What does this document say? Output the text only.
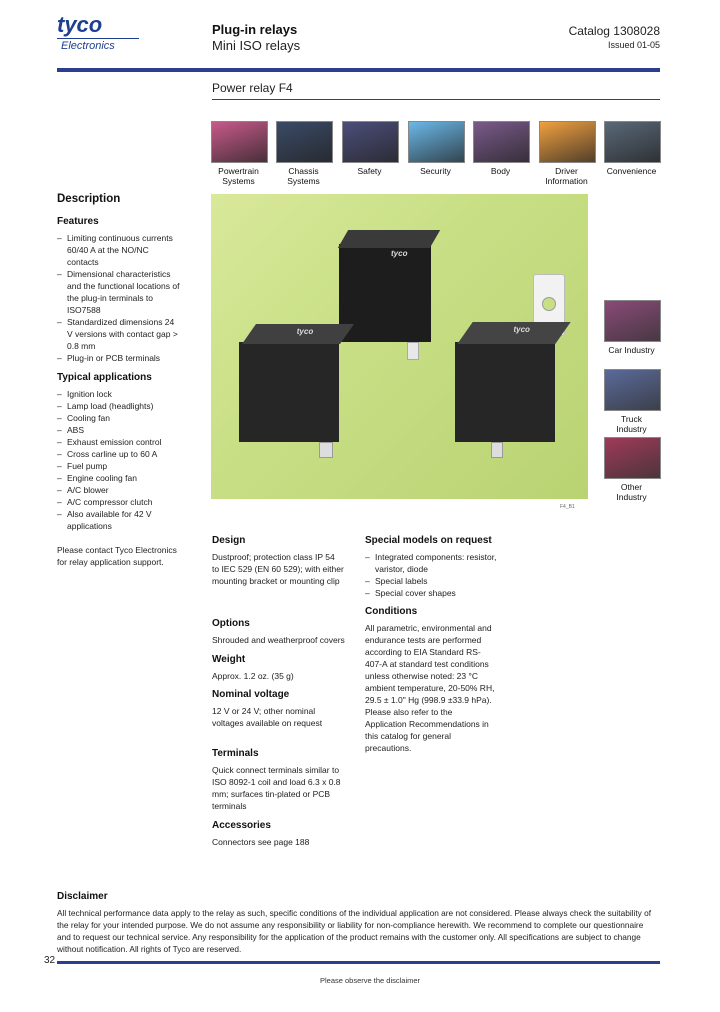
tyco
Electronics
Plug-in relays
Mini ISO relays
Catalog 1308028
Issued 01-05
Power relay F4
Powertrain
Systems
Chassis
Systems
Safety	Security	Body	Driver
Information
Convenience
tyco
tyco	tyco
F4_B1
Car Industry
Truck
Industry
Other
Industry
Description
Features
– Limiting continuous currents 60/40 A at the NO/NC contacts
– Dimensional characteristics and the functional locations of the plug-in terminals to ISO7588
– Standardized dimensions 24 V versions with contact gap > 0.8 mm
– Plug-in or PCB terminals
Typical applications
– Ignition lock
– Lamp load (headlights)
– Cooling fan
– ABS
– Exhaust emission control
– Cross carline up to 60 A
– Fuel pump
– Engine cooling fan
– A/C blower
– A/C compressor clutch
– Also available for 42 V applications
Please contact Tyco Electronics for relay application support.
Design
Dustproof; protection class IP 54 to IEC 529 (EN 60 529); with either mounting bracket or mounting clip
Options
Shrouded and weatherproof covers
Weight
Approx. 1.2 oz. (35 g)
Nominal voltage
12 V or 24 V; other nominal voltages available on request
Terminals
Quick connect terminals similar to ISO 8092-1 coil and load 6.3 x 0.8 mm; surfaces tin-plated or PCB terminals
Accessories
Connectors see page 188
Special models on request
– Integrated components: resistor, varistor, diode
– Special labels
– Special cover shapes
Conditions
All parametric, environmental and endurance tests are performed according to EIA Standard RS-407-A at standard test conditions unless otherwise noted: 23 °C ambient temperature, 20-50% RH, 29.5 ± 1.0" Hg (998.9 ±33.9 hPa). Please also refer to the Application Recommendations in this catalog for general precautions.
Disclaimer
All technical performance data apply to the relay as such, specific conditions of the individual application are not considered. Please always check the suitability of the relay for your intended purpose. We do not assume any responsibility or liability for non-compliance herewith. We recommend to complete our questionnaire and to request our technical service. Any responsibility for the application of the product remains with the customer only. All specifications are subject to change without notification. All rights of Tyco are reserved.
32
Please observe the disclaimer
